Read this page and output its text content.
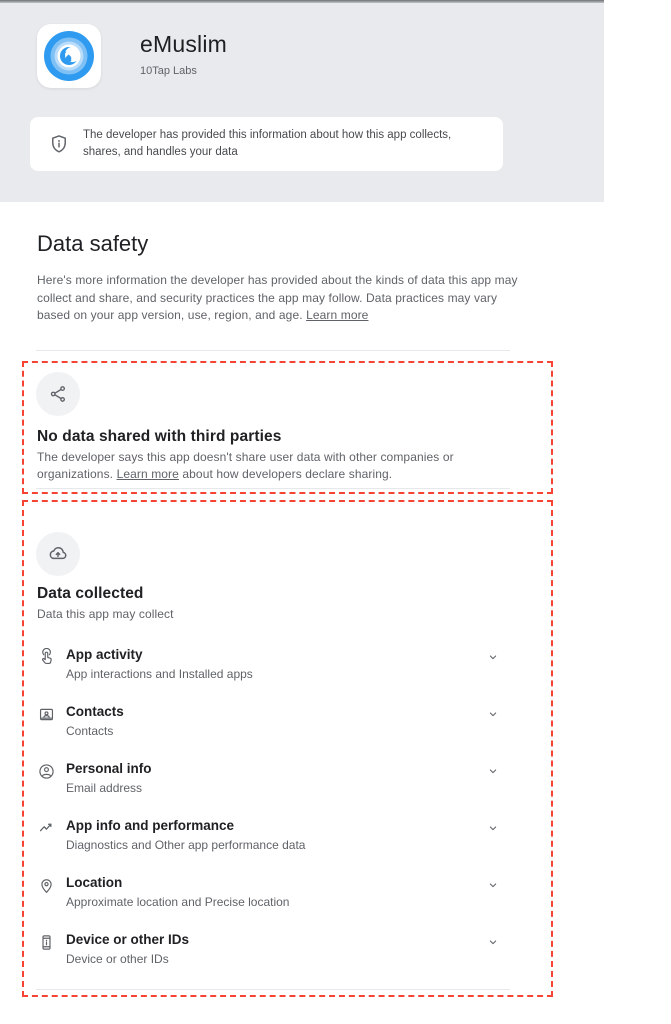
eMuslim
10Tap Labs
The developer has provided this information about how this app collects, shares, and handles your data
Data safety
Here's more information the developer has provided about the kinds of data this app may collect and share, and security practices the app may follow. Data practices may vary based on your app version, use, region, and age. Learn more
No data shared with third parties
The developer says this app doesn't share user data with other companies or organizations. Learn more about how developers declare sharing.
Data collected
Data this app may collect
App activity
App interactions and Installed apps
Contacts
Contacts
Personal info
Email address
App info and performance
Diagnostics and Other app performance data
Location
Approximate location and Precise location
Device or other IDs
Device or other IDs
